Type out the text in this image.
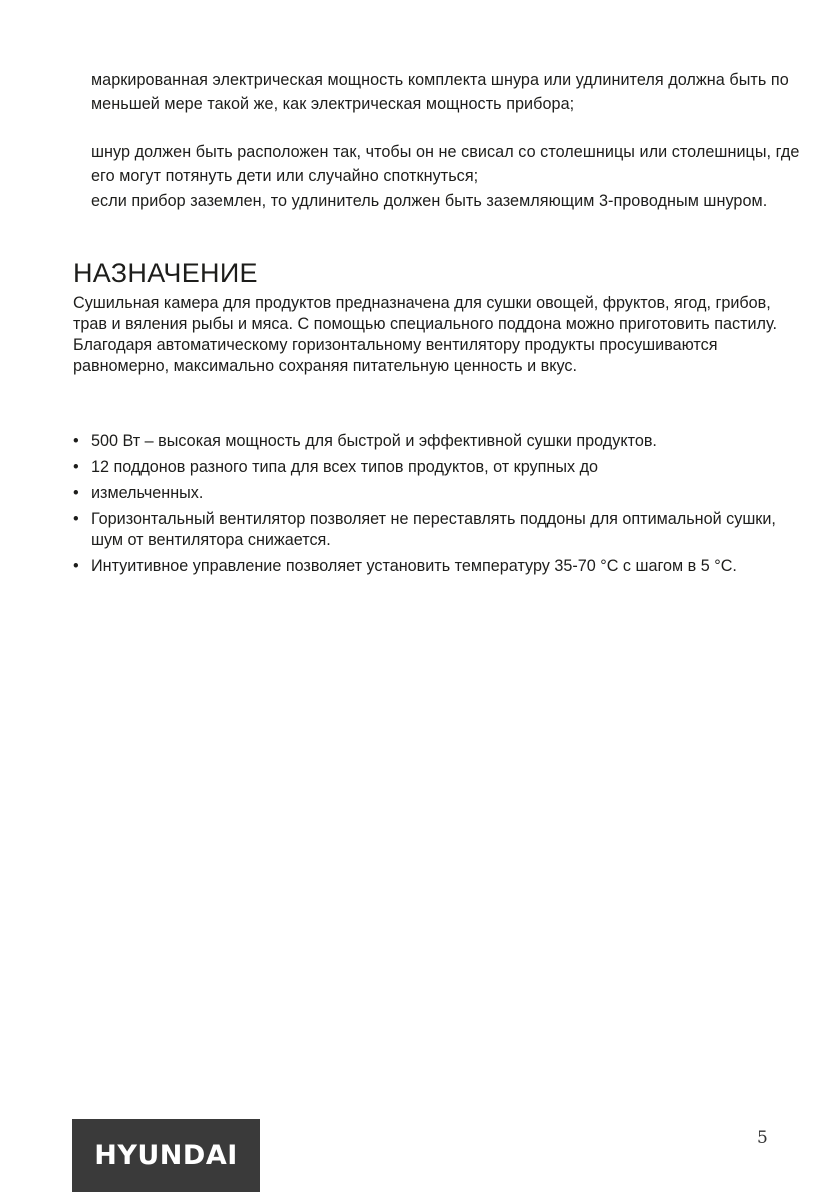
маркированная электрическая мощность комплекта шнура или удлинителя должна быть по меньшей мере такой же, как электрическая мощность прибора;

шнур должен быть расположен так, чтобы он не свисал со столешницы или столешницы, где его могут потянуть дети или случайно споткнуться;

если прибор заземлен, то удлинитель должен быть заземляющим 3-проводным шнуром.

НАЗНАЧЕНИЕ

Сушильная камера для продуктов предназначена для сушки овощей, фруктов, ягод, грибов, трав и вяления рыбы и мяса. С помощью специального поддона можно приготовить пастилу. Благодаря автоматическому горизонтальному вентилятору продукты просушиваются равномерно, максимально сохраняя питательную ценность и вкус.

• 500 Вт – высокая мощность для быстрой и эффективной сушки продуктов.
• 12 поддонов разного типа для всех типов продуктов, от крупных до
• измельченных.
• Горизонтальный вентилятор позволяет не переставлять поддоны для оптимальной сушки, шум от вентилятора снижается.
• Интуитивное управление позволяет установить температуру 35-70 °С с шагом в 5 °С.
HYUNDAI
5
